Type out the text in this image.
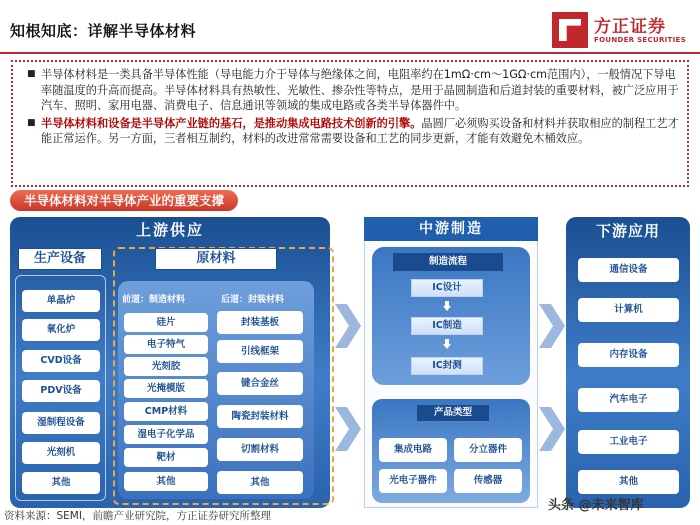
知根知底：详解半导体材料	方正证券
FOUNDER SECURITIES

■ 半导体材料是一类具备半导体性能（导电能力介于导体与绝缘体之间，电阻率约在1mΩ·cm～1GΩ·cm范围内），一般情况下导电率随温度的升高而提高。半导体材料具有热敏性、光敏性、掺杂性等特点，是用于晶圆制造和后道封装的重要材料，被广泛应用于汽车、照明、家用电器、消费电子、信息通讯等领域的集成电路或各类半导体器件中。

■ 半导体材料和设备是半导体产业链的基石，是推动集成电路技术创新的引擎。晶圆厂必须购买设备和材料并获取相应的制程工艺才能正常运作。另一方面，三者相互制约，材料的改进常常需要设备和工艺的同步更新，才能有效避免木桶效应。

半导体材料对半导体产业的重要支撑
上游供应
生产设备	原材料
前道：制造材料	后道：封装材料
单晶炉
氧化炉
CVD设备
PDV设备
湿制程设备
光刻机
其他
硅片
电子特气
光刻胶
光掩模版
CMP材料
湿电子化学品
靶材
其他
封装基板
引线框架
键合金丝
陶瓷封装材料
切割材料
其他
中游制造
制造流程
IC设计
IC制造
IC封测
产品类型
集成电路	分立器件
光电子器件	传感器
下游应用
通信设备
计算机
内存设备
汽车电子
工业电子
其他
资料来源：SEMI，前瞻产业研究院，方正证券研究所整理
头条 @未来智库
